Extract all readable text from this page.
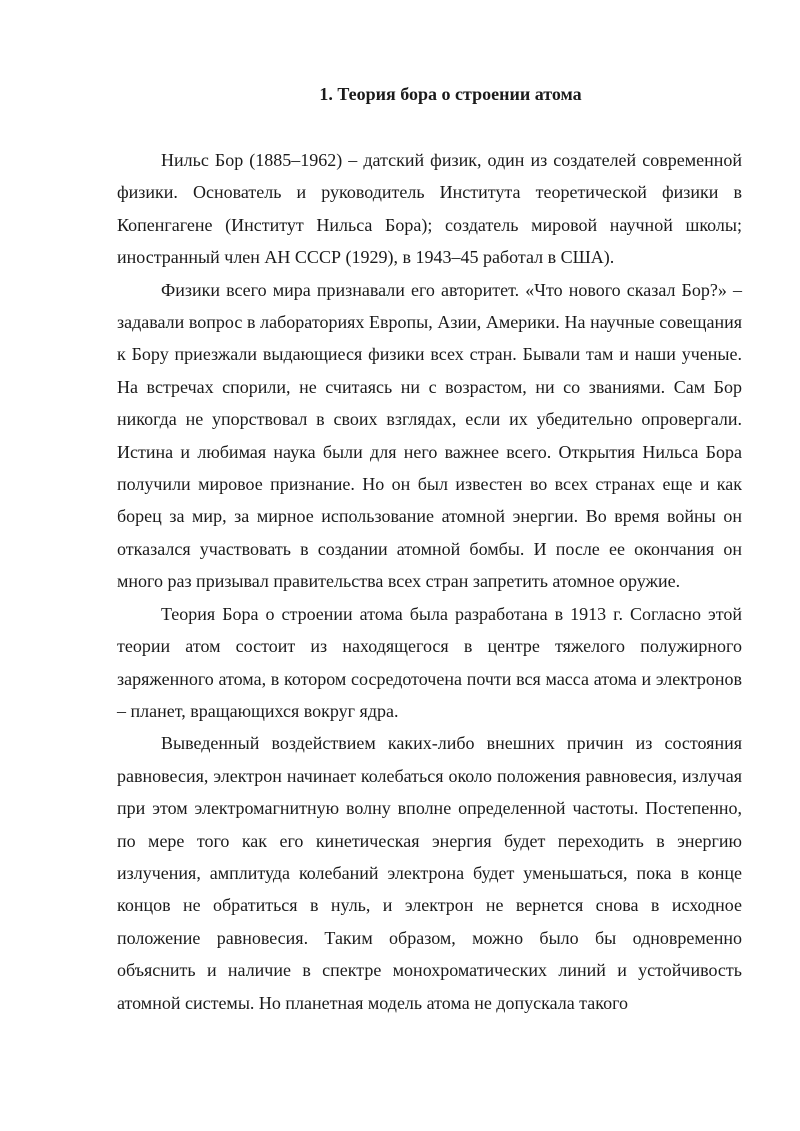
1. Теория бора о строении атома

Нильс Бор (1885–1962) – датский физик, один из создателей современной физики. Основатель и руководитель Института теоретической физики в Копенгагене (Институт Нильса Бора); создатель мировой научной школы; иностранный член АН СССР (1929), в 1943–45 работал в США).

Физики всего мира признавали его авторитет. «Что нового сказал Бор?» – задавали вопрос в лабораториях Европы, Азии, Америки. На научные совещания к Бору приезжали выдающиеся физики всех стран. Бывали там и наши ученые. На встречах спорили, не считаясь ни с возрастом, ни со званиями. Сам Бор никогда не упорствовал в своих взглядах, если их убедительно опровергали. Истина и любимая наука были для него важнее всего. Открытия Нильса Бора получили мировое признание. Но он был известен во всех странах еще и как борец за мир, за мирное использование атомной энергии. Во время войны он отказался участвовать в создании атомной бомбы. И после ее окончания он много раз призывал правительства всех стран запретить атомное оружие.

Теория Бора о строении атома была разработана в 1913 г. Согласно этой теории атом состоит из находящегося в центре тяжелого полужирного заряженного атома, в котором сосредоточена почти вся масса атома и электронов – планет, вращающихся вокруг ядра.

Выведенный воздействием каких-либо внешних причин из состояния равновесия, электрон начинает колебаться около положения равновесия, излучая при этом электромагнитную волну вполне определенной частоты. Постепенно, по мере того как его кинетическая энергия будет переходить в энергию излучения, амплитуда колебаний электрона будет уменьшаться, пока в конце концов не обратиться в нуль, и электрон не вернется снова в исходное положение равновесия. Таким образом, можно было бы одновременно объяснить и наличие в спектре монохроматических линий и устойчивость атомной системы. Но планетная модель атома не допускала такого
